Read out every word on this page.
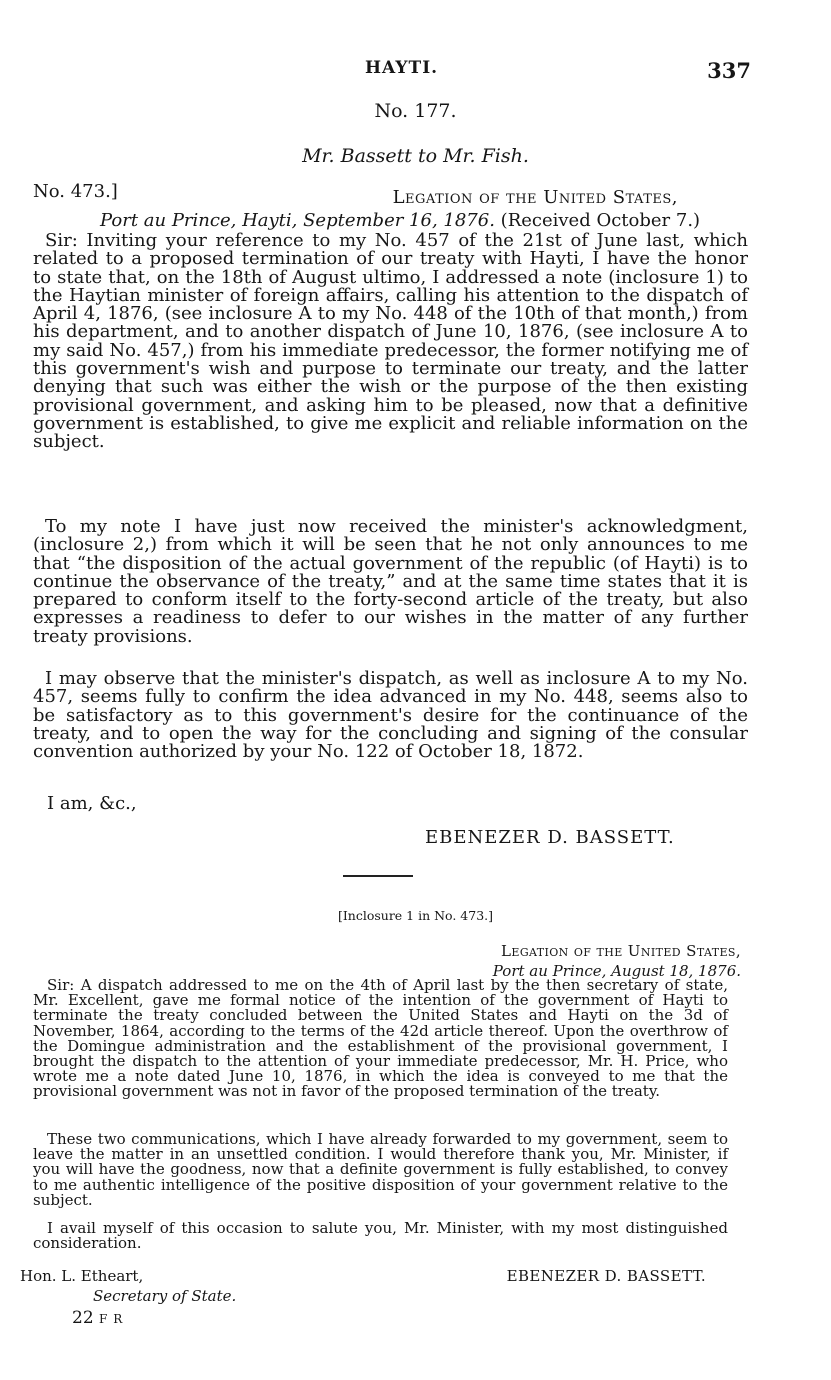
HAYTI.	337
No. 177.
Mr. Bassett to Mr. Fish.
No. 473.]	Legation of the United States,
Port au Prince, Hayti, September 16, 1876. (Received October 7.)

Sir: Inviting your reference to my No. 457 of the 21st of June last, which related to a proposed termination of our treaty with Hayti, I have the honor to state that, on the 18th of August ultimo, I addressed a note (inclosure 1) to the Haytian minister of foreign affairs, calling his attention to the dispatch of April 4, 1876, (see inclosure A to my No. 448 of the 10th of that month,) from his department, and to another dispatch of June 10, 1876, (see inclosure A to my said No. 457,) from his immediate predecessor, the former notifying me of this government's wish and purpose to terminate our treaty, and the latter denying that such was either the wish or the purpose of the then existing provisional government, and asking him to be pleased, now that a definitive government is established, to give me explicit and reliable information on the subject.

To my note I have just now received the minister's acknowledgment, (inclosure 2,) from which it will be seen that he not only announces to me that “the disposition of the actual government of the republic (of Hayti) is to continue the observance of the treaty,” and at the same time states that it is prepared to conform itself to the forty-second article of the treaty, but also expresses a readiness to defer to our wishes in the matter of any further treaty provisions.

I may observe that the minister's dispatch, as well as inclosure A to my No. 457, seems fully to confirm the idea advanced in my No. 448, seems also to be satisfactory as to this government's desire for the continuance of the treaty, and to open the way for the concluding and signing of the consular convention authorized by your No. 122 of October 18, 1872.

I am, &c.,
EBENEZER D. BASSETT.
[Inclosure 1 in No. 473.]
Legation of the United States,
Port au Prince, August 18, 1876.

Sir: A dispatch addressed to me on the 4th of April last by the then secretary of state, Mr. Excellent, gave me formal notice of the intention of the government of Hayti to terminate the treaty concluded between the United States and Hayti on the 3d of November, 1864, according to the terms of the 42d article thereof. Upon the overthrow of the Domingue administration and the establishment of the provisional government, I brought the dispatch to the attention of your immediate predecessor, Mr. H. Price, who wrote me a note dated June 10, 1876, in which the idea is conveyed to me that the provisional government was not in favor of the proposed termination of the treaty.

These two communications, which I have already forwarded to my government, seem to leave the matter in an unsettled condition. I would therefore thank you, Mr. Minister, if you will have the goodness, now that a definite government is fully established, to convey to me authentic intelligence of the positive disposition of your government relative to the subject.

I avail myself of this occasion to salute you, Mr. Minister, with my most distinguished consideration.

Hon. L. Etheart,	EBENEZER D. BASSETT.
Secretary of State.
22 F R
